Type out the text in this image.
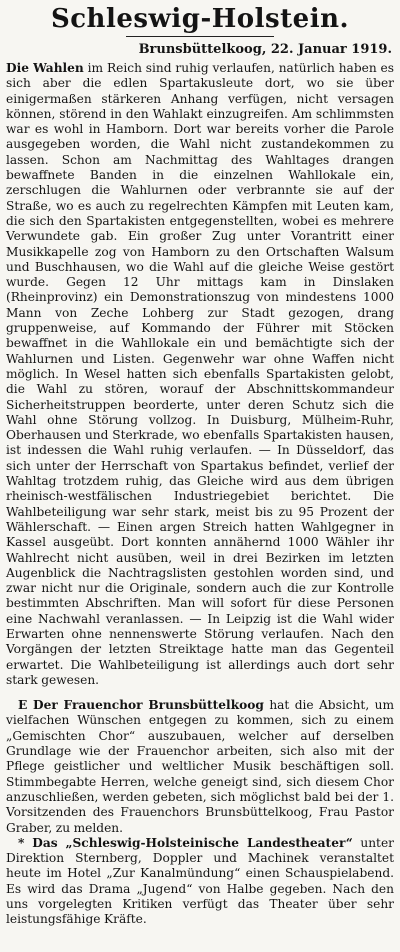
Schleswig-Holstein.
Brunsbüttelkoog, 22. Januar 1919.

Die Wahlen im Reich sind ruhig verlaufen, natürlich haben es sich aber die edlen Spartakusleute dort, wo sie über einigermaßen stärkeren Anhang verfügen, nicht versagen können, störend in den Wahlakt einzugreifen. Am schlimmsten war es wohl in Hamborn. Dort war bereits vorher die Parole ausgegeben worden, die Wahl nicht zustandekommen zu lassen. Schon am Nachmittag des Wahltages drangen bewaffnete Banden in die einzelnen Wahllokale ein, zerschlugen die Wahlurnen oder verbrannte sie auf der Straße, wo es auch zu regelrechten Kämpfen mit Leuten kam, die sich den Spartakisten entgegenstellten, wobei es mehrere Verwundete gab. Ein großer Zug unter Vorantritt einer Musikkapelle zog von Hamborn zu den Ortschaften Walsum und Buschhausen, wo die Wahl auf die gleiche Weise gestört wurde. Gegen 12 Uhr mittags kam in Dinslaken (Rheinprovinz) ein Demonstrationszug von mindestens 1000 Mann von Zeche Lohberg zur Stadt gezogen, drang gruppenweise, auf Kommando der Führer mit Stöcken bewaffnet in die Wahllokale ein und bemächtigte sich der Wahlurnen und Listen. Gegenwehr war ohne Waffen nicht möglich. In Wesel hatten sich ebenfalls Spartakisten gelobt, die Wahl zu stören, worauf der Abschnittskommandeur Sicherheitstruppen beorderte, unter deren Schutz sich die Wahl ohne Störung vollzog. In Duisburg, Mülheim-Ruhr, Oberhausen und Sterkrade, wo ebenfalls Spartakisten hausen, ist indessen die Wahl ruhig verlaufen. — In Düsseldorf, das sich unter der Herrschaft von Spartakus befindet, verlief der Wahltag trotzdem ruhig, das Gleiche wird aus dem übrigen rheinisch-westfälischen Industriegebiet berichtet. Die Wahlbeteiligung war sehr stark, meist bis zu 95 Prozent der Wählerschaft. — Einen argen Streich hatten Wahlgegner in Kassel ausgeübt. Dort konnten annähernd 1000 Wähler ihr Wahlrecht nicht ausüben, weil in drei Bezirken im letzten Augenblick die Nachtragslisten gestohlen worden sind, und zwar nicht nur die Originale, sondern auch die zur Kontrolle bestimmten Abschriften. Man will sofort für diese Personen eine Nachwahl veranlassen. — In Leipzig ist die Wahl wider Erwarten ohne nennenswerte Störung verlaufen. Nach den Vorgängen der letzten Streiktage hatte man das Gegenteil erwartet. Die Wahlbeteiligung ist allerdings auch dort sehr stark gewesen.

E Der Frauenchor Brunsbüttelkoog hat die Absicht, um vielfachen Wünschen entgegen zu kommen, sich zu einem „Gemischten Chor“ auszubauen, welcher auf derselben Grundlage wie der Frauenchor arbeiten, sich also mit der Pflege geistlicher und weltlicher Musik beschäftigen soll. Stimmbegabte Herren, welche geneigt sind, sich diesem Chor anzuschließen, werden gebeten, sich möglichst bald bei der 1. Vorsitzenden des Frauenchors Brunsbüttelkoog, Frau Pastor Graber, zu melden.

* Das „Schleswig-Holsteinische Landestheater“ unter Direktion Sternberg, Doppler und Machinek veranstaltet heute im Hotel „Zur Kanalmündung“ einen Schauspielabend. Es wird das Drama „Jugend“ von Halbe gegeben. Nach den uns vorgelegten Kritiken verfügt das Theater über sehr leistungsfähige Kräfte.
